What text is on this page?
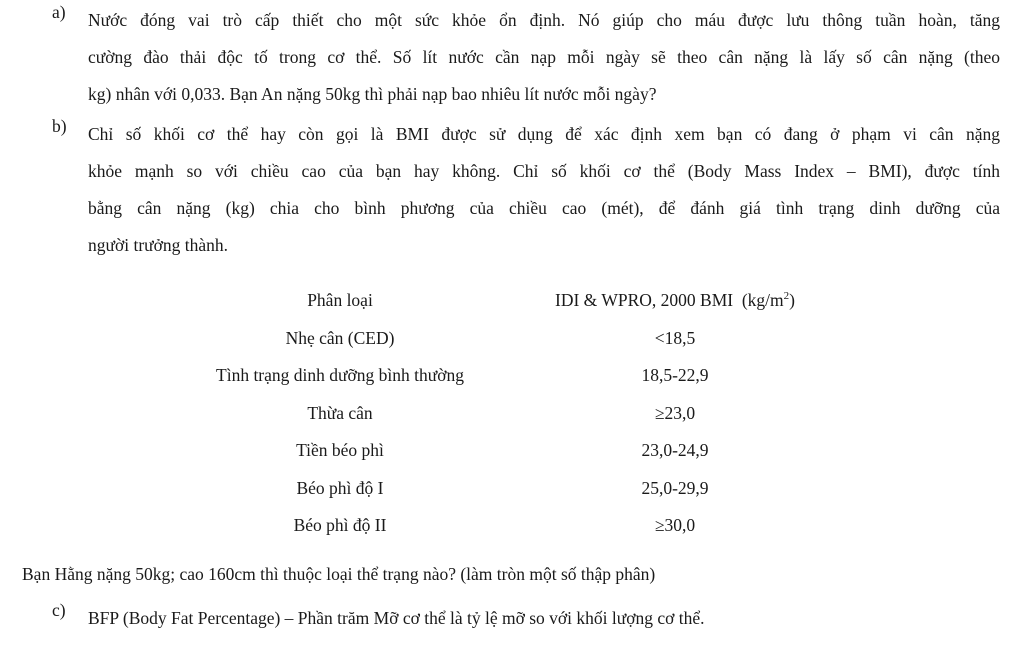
a)	Nước đóng vai trò cấp thiết cho một sức khỏe ổn định. Nó giúp cho máu được lưu thông tuần hoàn, tăng
cường đào thải độc tố trong cơ thể. Số lít nước cần nạp mỗi ngày sẽ theo cân nặng là lấy số cân nặng (theo
kg) nhân với 0,033. Bạn An nặng 50kg thì phải nạp bao nhiêu lít nước mỗi ngày?
b)	Chỉ số khối cơ thể hay còn gọi là BMI được sử dụng để xác định xem bạn có đang ở phạm vi cân nặng
khỏe mạnh so với chiều cao của bạn hay không. Chỉ số khối cơ thể (Body Mass Index – BMI), được tính
bằng cân nặng (kg) chia cho bình phương của chiều cao (mét), để đánh giá tình trạng dinh dưỡng của
người trưởng thành.
Phân loại	IDI & WPRO, 2000 BMI $(kg/m^2)$
Nhẹ cân (CED)	<18,5
Tình trạng dinh dưỡng bình thường	18,5-22,9
Thừa cân	≥23,0
Tiền béo phì	23,0-24,9
Béo phì độ I	25,0-29,9
Béo phì độ II	≥30,0
Bạn Hằng nặng 50kg; cao 160cm thì thuộc loại thể trạng nào? (làm tròn một số thập phân)
c)	BFP (Body Fat Percentage) – Phần trăm Mỡ cơ thể là tỷ lệ mỡ so với khối lượng cơ thể.
